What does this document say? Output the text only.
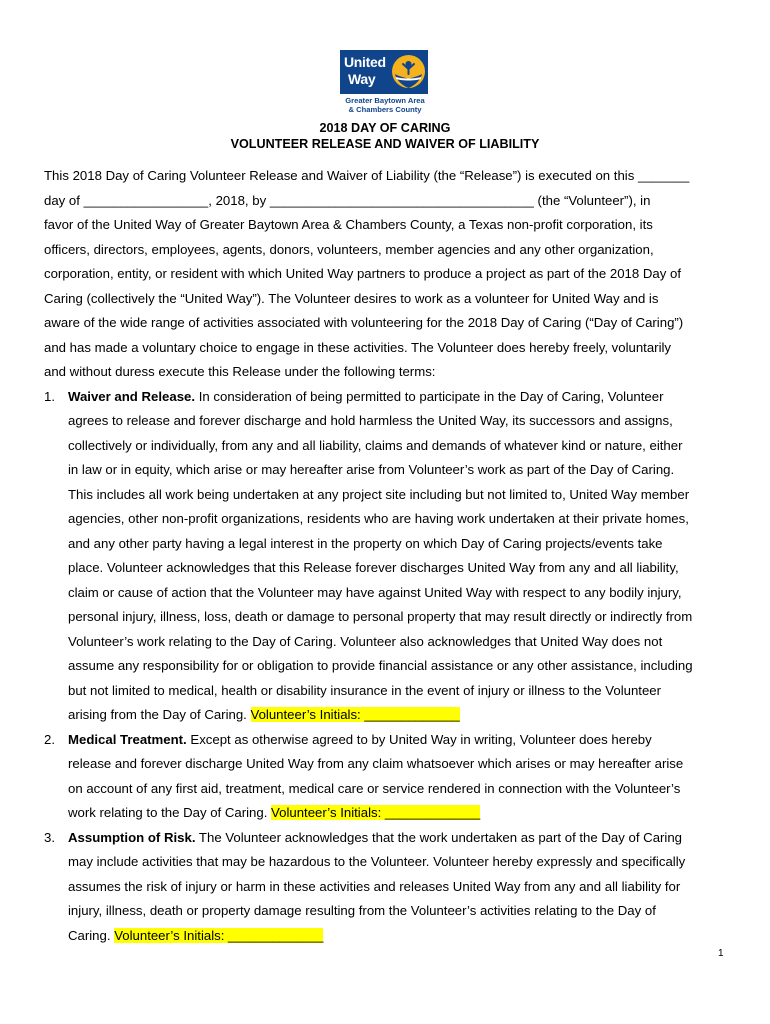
United
Way
Greater Baytown Area
& Chambers County
2018 DAY OF CARING
VOLUNTEER RELEASE AND WAIVER OF LIABILITY
This 2018 Day of Caring Volunteer Release and Waiver of Liability (the “Release”) is executed on this _______
day of _________________, 2018, by ____________________________________ (the “Volunteer”), in
favor of the United Way of Greater Baytown Area & Chambers County, a Texas non-profit corporation, its
officers, directors, employees, agents, donors, volunteers, member agencies and any other organization,
corporation, entity, or resident with which United Way partners to produce a project as part of the 2018 Day of
Caring (collectively the “United Way”). The Volunteer desires to work as a volunteer for United Way and is
aware of the wide range of activities associated with volunteering for the 2018 Day of Caring (“Day of Caring”)
and has made a voluntary choice to engage in these activities. The Volunteer does hereby freely, voluntarily
and without duress execute this Release under the following terms:
1. Waiver and Release. In consideration of being permitted to participate in the Day of Caring, Volunteer
agrees to release and forever discharge and hold harmless the United Way, its successors and assigns,
collectively or individually, from any and all liability, claims and demands of whatever kind or nature, either
in law or in equity, which arise or may hereafter arise from Volunteer’s work as part of the Day of Caring.
This includes all work being undertaken at any project site including but not limited to, United Way member
agencies, other non-profit organizations, residents who are having work undertaken at their private homes,
and any other party having a legal interest in the property on which Day of Caring projects/events take
place. Volunteer acknowledges that this Release forever discharges United Way from any and all liability,
claim or cause of action that the Volunteer may have against United Way with respect to any bodily injury,
personal injury, illness, loss, death or damage to personal property that may result directly or indirectly from
Volunteer’s work relating to the Day of Caring. Volunteer also acknowledges that United Way does not
assume any responsibility for or obligation to provide financial assistance or any other assistance, including
but not limited to medical, health or disability insurance in the event of injury or illness to the Volunteer
arising from the Day of Caring. Volunteer’s Initials: _____________
2. Medical Treatment. Except as otherwise agreed to by United Way in writing, Volunteer does hereby
release and forever discharge United Way from any claim whatsoever which arises or may hereafter arise
on account of any first aid, treatment, medical care or service rendered in connection with the Volunteer’s
work relating to the Day of Caring. Volunteer’s Initials: _____________
3. Assumption of Risk. The Volunteer acknowledges that the work undertaken as part of the Day of Caring
may include activities that may be hazardous to the Volunteer. Volunteer hereby expressly and specifically
assumes the risk of injury or harm in these activities and releases United Way from any and all liability for
injury, illness, death or property damage resulting from the Volunteer’s activities relating to the Day of
Caring. Volunteer’s Initials: _____________
1
